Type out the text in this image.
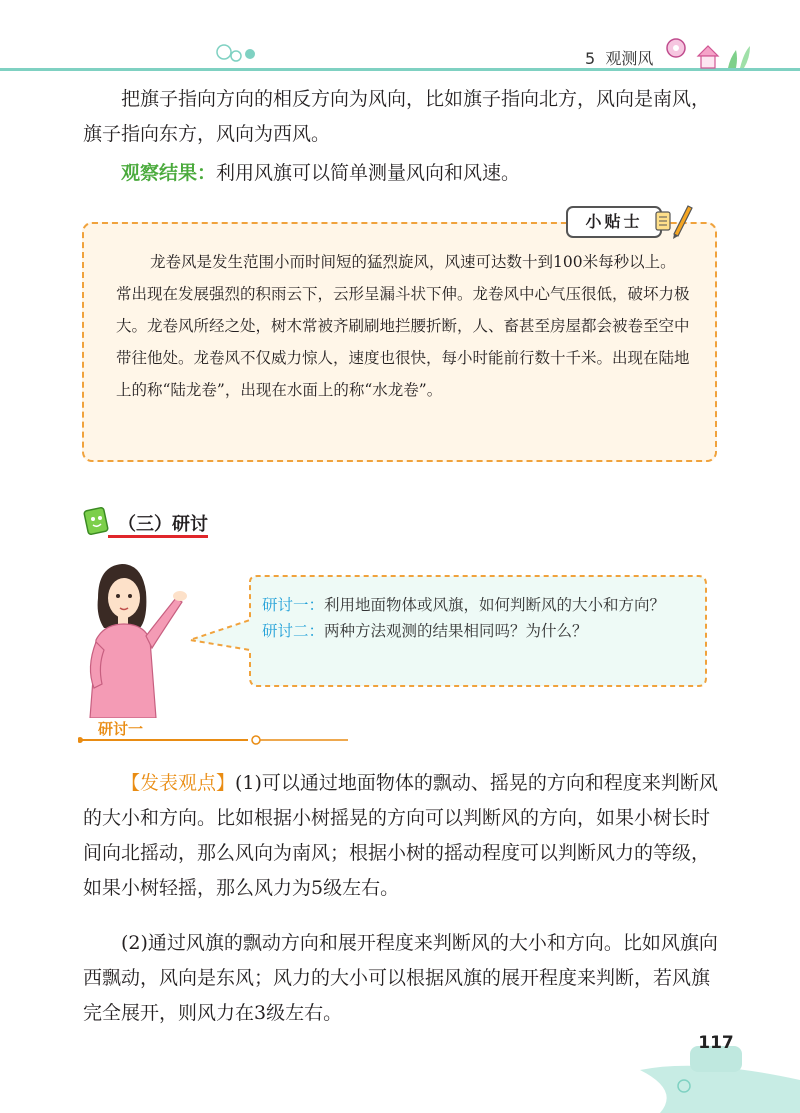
5 观测风

把旗子指向方向的相反方向为风向，比如旗子指向北方，风向是南风，旗子指向东方，风向为西风。

观察结果：利用风旗可以简单测量风向和风速。

龙卷风是发生范围小而时间短的猛烈旋风，风速可达数十到100米每秒以上。常出现在发展强烈的积雨云下，云形呈漏斗状下伸。龙卷风中心气压很低，破坏力极大。龙卷风所经之处，树木常被齐刷刷地拦腰折断，人、畜甚至房屋都会被卷至空中带往他处。龙卷风不仅威力惊人，速度也很快，每小时能前行数十千米。出现在陆地上的称“陆龙卷”，出现在水面上的称“水龙卷”。

小贴士
（三）研讨
研讨一：利用地面物体或风旗，如何判断风的大小和方向？
研讨二：两种方法观测的结果相同吗？为什么？
研讨一

【发表观点】(1)可以通过地面物体的飘动、摇晃的方向和程度来判断风的大小和方向。比如根据小树摇晃的方向可以判断风的方向，如果小树长时间向北摇动，那么风向为南风；根据小树的摇动程度可以判断风力的等级，如果小树轻摇，那么风力为5级左右。

(2)通过风旗的飘动方向和展开程度来判断风的大小和方向。比如风旗向西飘动，风向是东风；风力的大小可以根据风旗的展开程度来判断，若风旗完全展开，则风力在3级左右。

117
